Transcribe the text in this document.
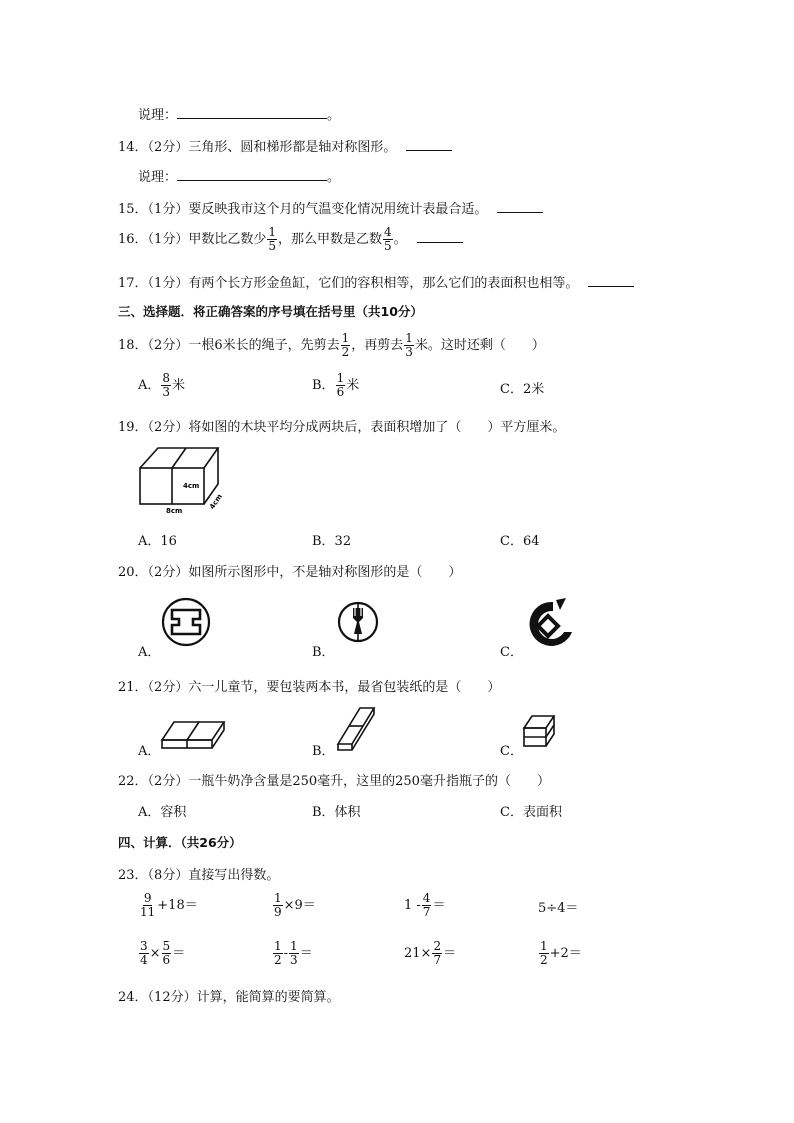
说理：	。
14．（2分）三角形、圆和梯形都是轴对称图形。
说理：	。
15．（1分）要反映我市这个月的气温变化情况用统计表最合适。
16．（1分）甲数比乙数少 $\frac{1}{5}$ ，那么甲数是乙数 $\frac{4}{5}$ 。
17．（1分）有两个长方形金鱼缸，它们的容积相等，那么它们的表面积也相等。
三、选择题．将正确答案的序号填在括号里（共10分）
18．（2分）一根6米长的绳子，先剪去 $\frac{1}{2}$ ，再剪去 $\frac{1}{3}$ 米。这时还剩（　　）
A． $\frac{8}{3}$ 米	B． $\frac{1}{6}$ 米	C．2米
19．（2分）将如图的木块平均分成两块后，表面积增加了（　　）平方厘米。
4cm
8cm
4cm
A．16	B．32	C．64
20．（2分）如图所示图形中，不是轴对称图形的是（　　）
A．	B．	C．
21．（2分）六一儿童节，要包装两本书，最省包装纸的是（　　）
A．	B．	C．
22．（2分）一瓶牛奶净含量是250毫升，这里的250毫升指瓶子的（　　）
A．容积	B．体积	C．表面积
四、计算．（共26分）
23．（8分）直接写出得数。
$\frac{9}{11} +18=$	$\frac{1}{9} \times 9=$	$1 - \frac{4}{7}$ ＝	5÷4＝
$\frac{3}{4} \times \frac{5}{6}$ ＝	$\frac{1}{2} - \frac{1}{3}$ ＝	$21\times \frac{2}{7}$ ＝	$\frac{1}{2} +2=$
24．（12分）计算，能简算的要简算。
